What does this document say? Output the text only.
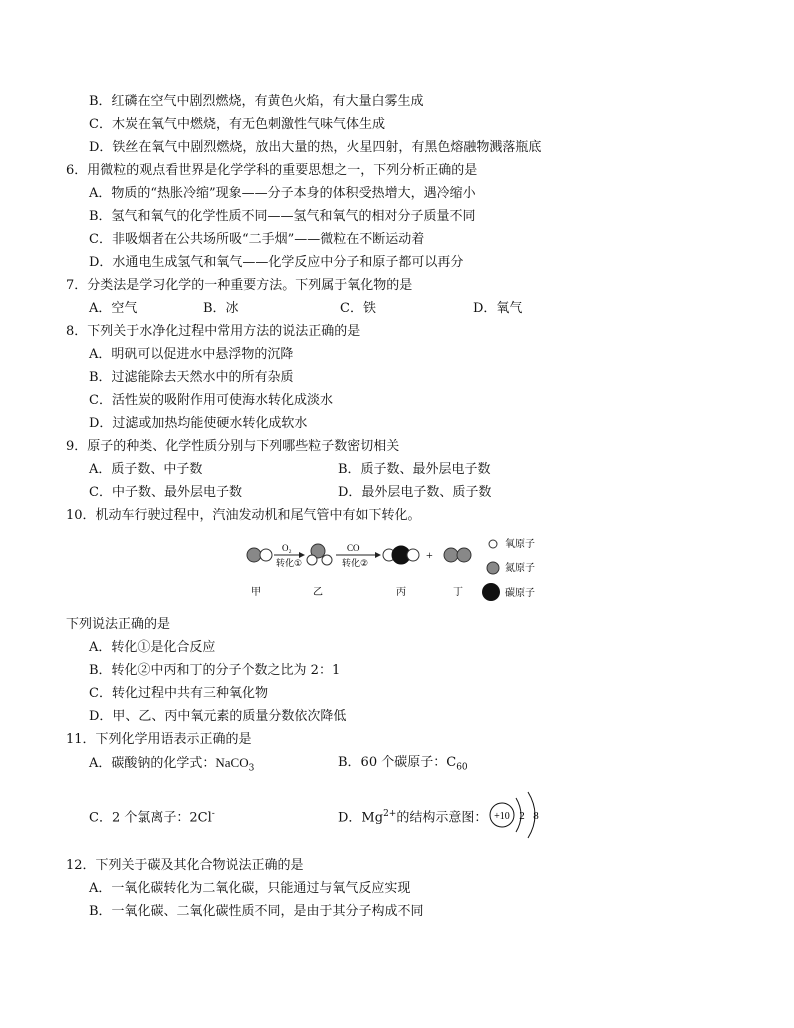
B．红磷在空气中剧烈燃烧，有黄色火焰，有大量白雾生成
C．木炭在氧气中燃烧，有无色刺激性气味气体生成
D．铁丝在氧气中剧烈燃烧，放出大量的热，火星四射，有黑色熔融物溅落瓶底
6．用微粒的观点看世界是化学学科的重要思想之一，下列分析正确的是
A．物质的“热胀冷缩”现象——分子本身的体积受热增大，遇冷缩小
B．氢气和氧气的化学性质不同——氢气和氧气的相对分子质量不同
C．非吸烟者在公共场所吸“二手烟”——微粒在不断运动着
D．水通电生成氢气和氧气——化学反应中分子和原子都可以再分
7．分类法是学习化学的一种重要方法。下列属于氧化物的是
A．空气	B．冰	C．铁	D．氧气
8．下列关于水净化过程中常用方法的说法正确的是
A．明矾可以促进水中悬浮物的沉降
B．过滤能除去天然水中的所有杂质
C．活性炭的吸附作用可使海水转化成淡水
D．过滤或加热均能使硬水转化成软水
9．原子的种类、化学性质分别与下列哪些粒子数密切相关
A．质子数、中子数	B．质子数、最外层电子数
C．中子数、最外层电子数	D．最外层电子数、质子数
10．机动车行驶过程中，汽油发动机和尾气管中有如下转化。
O₂
转化①
CO
转化②
+
氧原子
氮原子
碳原子
甲	乙	丙	丁
下列说法正确的是
A．转化①是化合反应
B．转化②中丙和丁的分子个数之比为 2：1
C．转化过程中共有三种氧化物
D．甲、乙、丙中氧元素的质量分数依次降低
11．下列化学用语表示正确的是
A．碳酸钠的化学式：NaCO$_3$	B．60 个碳原子：$C_{60}$
C．2 个氯离子：2Cl-	D．$Mg^{2+}$的结构示意图： +10 2 8
12．下列关于碳及其化合物说法正确的是
A．一氧化碳转化为二氧化碳，只能通过与氧气反应实现
B．一氧化碳、二氧化碳性质不同，是由于其分子构成不同
